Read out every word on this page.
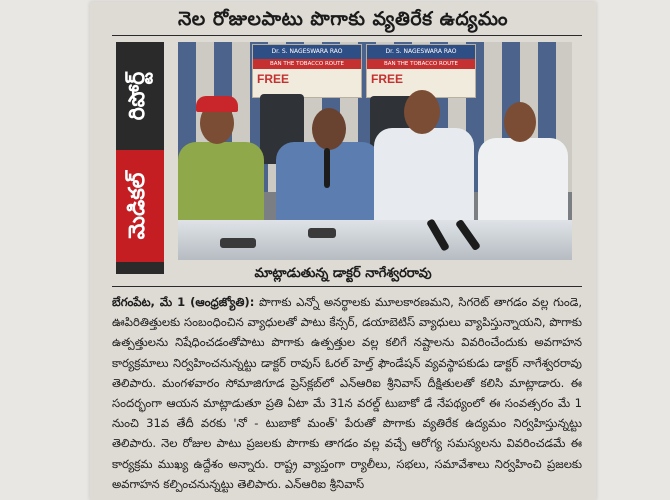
నెల రోజులపాటు పొగాకు వ్యతిరేక ఉద్యమం
రిపోర్ట్
మెడికల్
Dr. S. NAGESWARA RAO
BAN THE TOBACCO ROUTE
FREE
Dr. S. NAGESWARA RAO
BAN THE TOBACCO ROUTE
FREE
మాట్లాడుతున్న డాక్టర్ నాగేశ్వరరావు
బేగంపేట, మే 1 (ఆంధ్రజ్యోతి): పొగాకు ఎన్నో అనర్థాలకు మూలకారణమని, సిగరెట్ తాగడం వల్ల గుండె, ఊపిరితిత్తులకు సంబంధించిన వ్యాధులతో పాటు కేన్సర్, డయాబెటిస్ వ్యాధులు వ్యాపిస్తున్నాయని, పొగాకు ఉత్పత్తులను నిషేధించడంతోపాటు పొగాకు ఉత్పత్తుల వల్ల కలిగే నష్టాలను వివరించేందుకు అవగాహన కార్యక్రమాలు నిర్వహించనున్నట్టు డాక్టర్ రావుస్ ఓరల్ హెల్త్ ఫౌండేషన్ వ్యవస్థాపకుడు డాక్టర్ నాగేశ్వరరావు తెలిపారు. మంగళవారం సోమాజిగూడ ప్రెస్‌క్లబ్‌లో ఎన్ఆరిఐ శ్రీనివాస్ దీక్షితులతో కలిసి మాట్లాడారు. ఈ సందర్భంగా ఆయన మాట్లాడుతూ ప్రతి ఏటా మే 31న వరల్డ్ టుబాకో డే నేపథ్యంలో ఈ సంవత్సరం మే 1 నుంచి 31వ తేదీ వరకు 'నో - టుబాకో మంత్' పేరుతో పొగాకు వ్యతిరేక ఉద్యమం నిర్వహిస్తున్నట్టు తెలిపారు. నెల రోజుల పాటు ప్రజలకు పొగాకు తాగడం వల్ల వచ్చే ఆరోగ్య సమస్యలను వివరించడమే ఈ కార్యక్రమ ముఖ్య ఉద్దేశం అన్నారు. రాష్ట్ర వ్యాప్తంగా ర్యాలీలు, సభలు, సమావేశాలు నిర్వహించి ప్రజలకు అవగాహన కల్పించనున్నట్టు తెలిపారు. ఎన్ఆరిఐ శ్రీనివాస్
